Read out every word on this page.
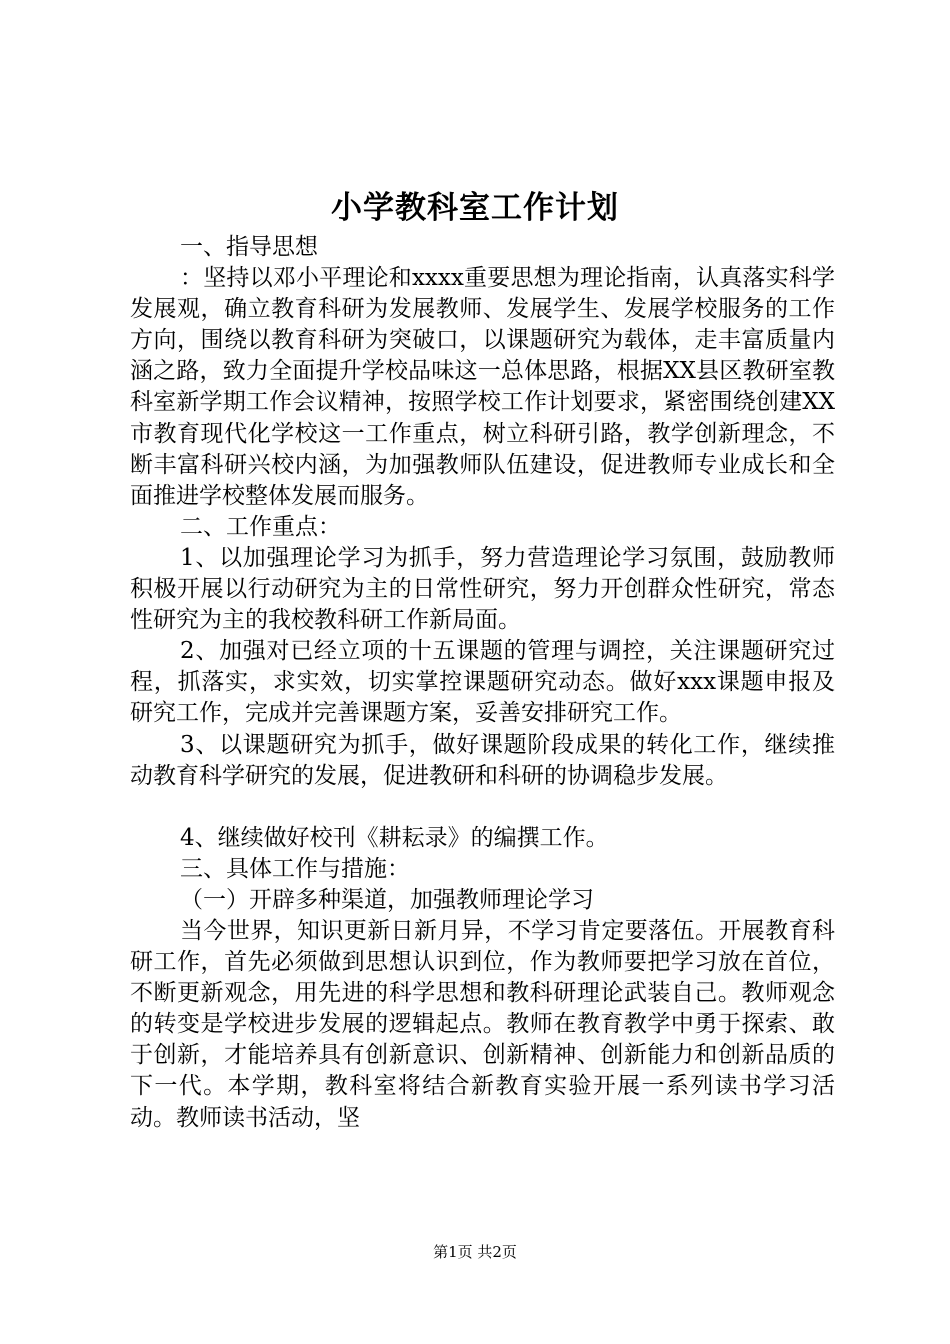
小学教科室工作计划

一、指导思想

：坚持以邓小平理论和xxxx重要思想为理论指南，认真落实科学发展观，确立教育科研为发展教师、发展学生、发展学校服务的工作方向，围绕以教育科研为突破口，以课题研究为载体，走丰富质量内涵之路，致力全面提升学校品味这一总体思路，根据XX县区教研室教科室新学期工作会议精神，按照学校工作计划要求，紧密围绕创建XX市教育现代化学校这一工作重点，树立科研引路，教学创新理念，不断丰富科研兴校内涵，为加强教师队伍建设，促进教师专业成长和全面推进学校整体发展而服务。

二、工作重点：

1、以加强理论学习为抓手，努力营造理论学习氛围，鼓励教师积极开展以行动研究为主的日常性研究，努力开创群众性研究，常态性研究为主的我校教科研工作新局面。

2、加强对已经立项的十五课题的管理与调控，关注课题研究过程，抓落实，求实效，切实掌控课题研究动态。做好xxx课题申报及研究工作，完成并完善课题方案，妥善安排研究工作。

3、以课题研究为抓手，做好课题阶段成果的转化工作，继续推动教育科学研究的发展，促进教研和科研的协调稳步发展。

4、继续做好校刊《耕耘录》的编撰工作。

三、具体工作与措施：

（一）开辟多种渠道，加强教师理论学习

当今世界，知识更新日新月异，不学习肯定要落伍。开展教育科研工作，首先必须做到思想认识到位，作为教师要把学习放在首位，不断更新观念，用先进的科学思想和教科研理论武装自己。教师观念的转变是学校进步发展的逻辑起点。教师在教育教学中勇于探索、敢于创新，才能培养具有创新意识、创新精神、创新能力和创新品质的下一代。本学期，教科室将结合新教育实验开展一系列读书学习活动。教师读书活动，坚

第1页 共2页
